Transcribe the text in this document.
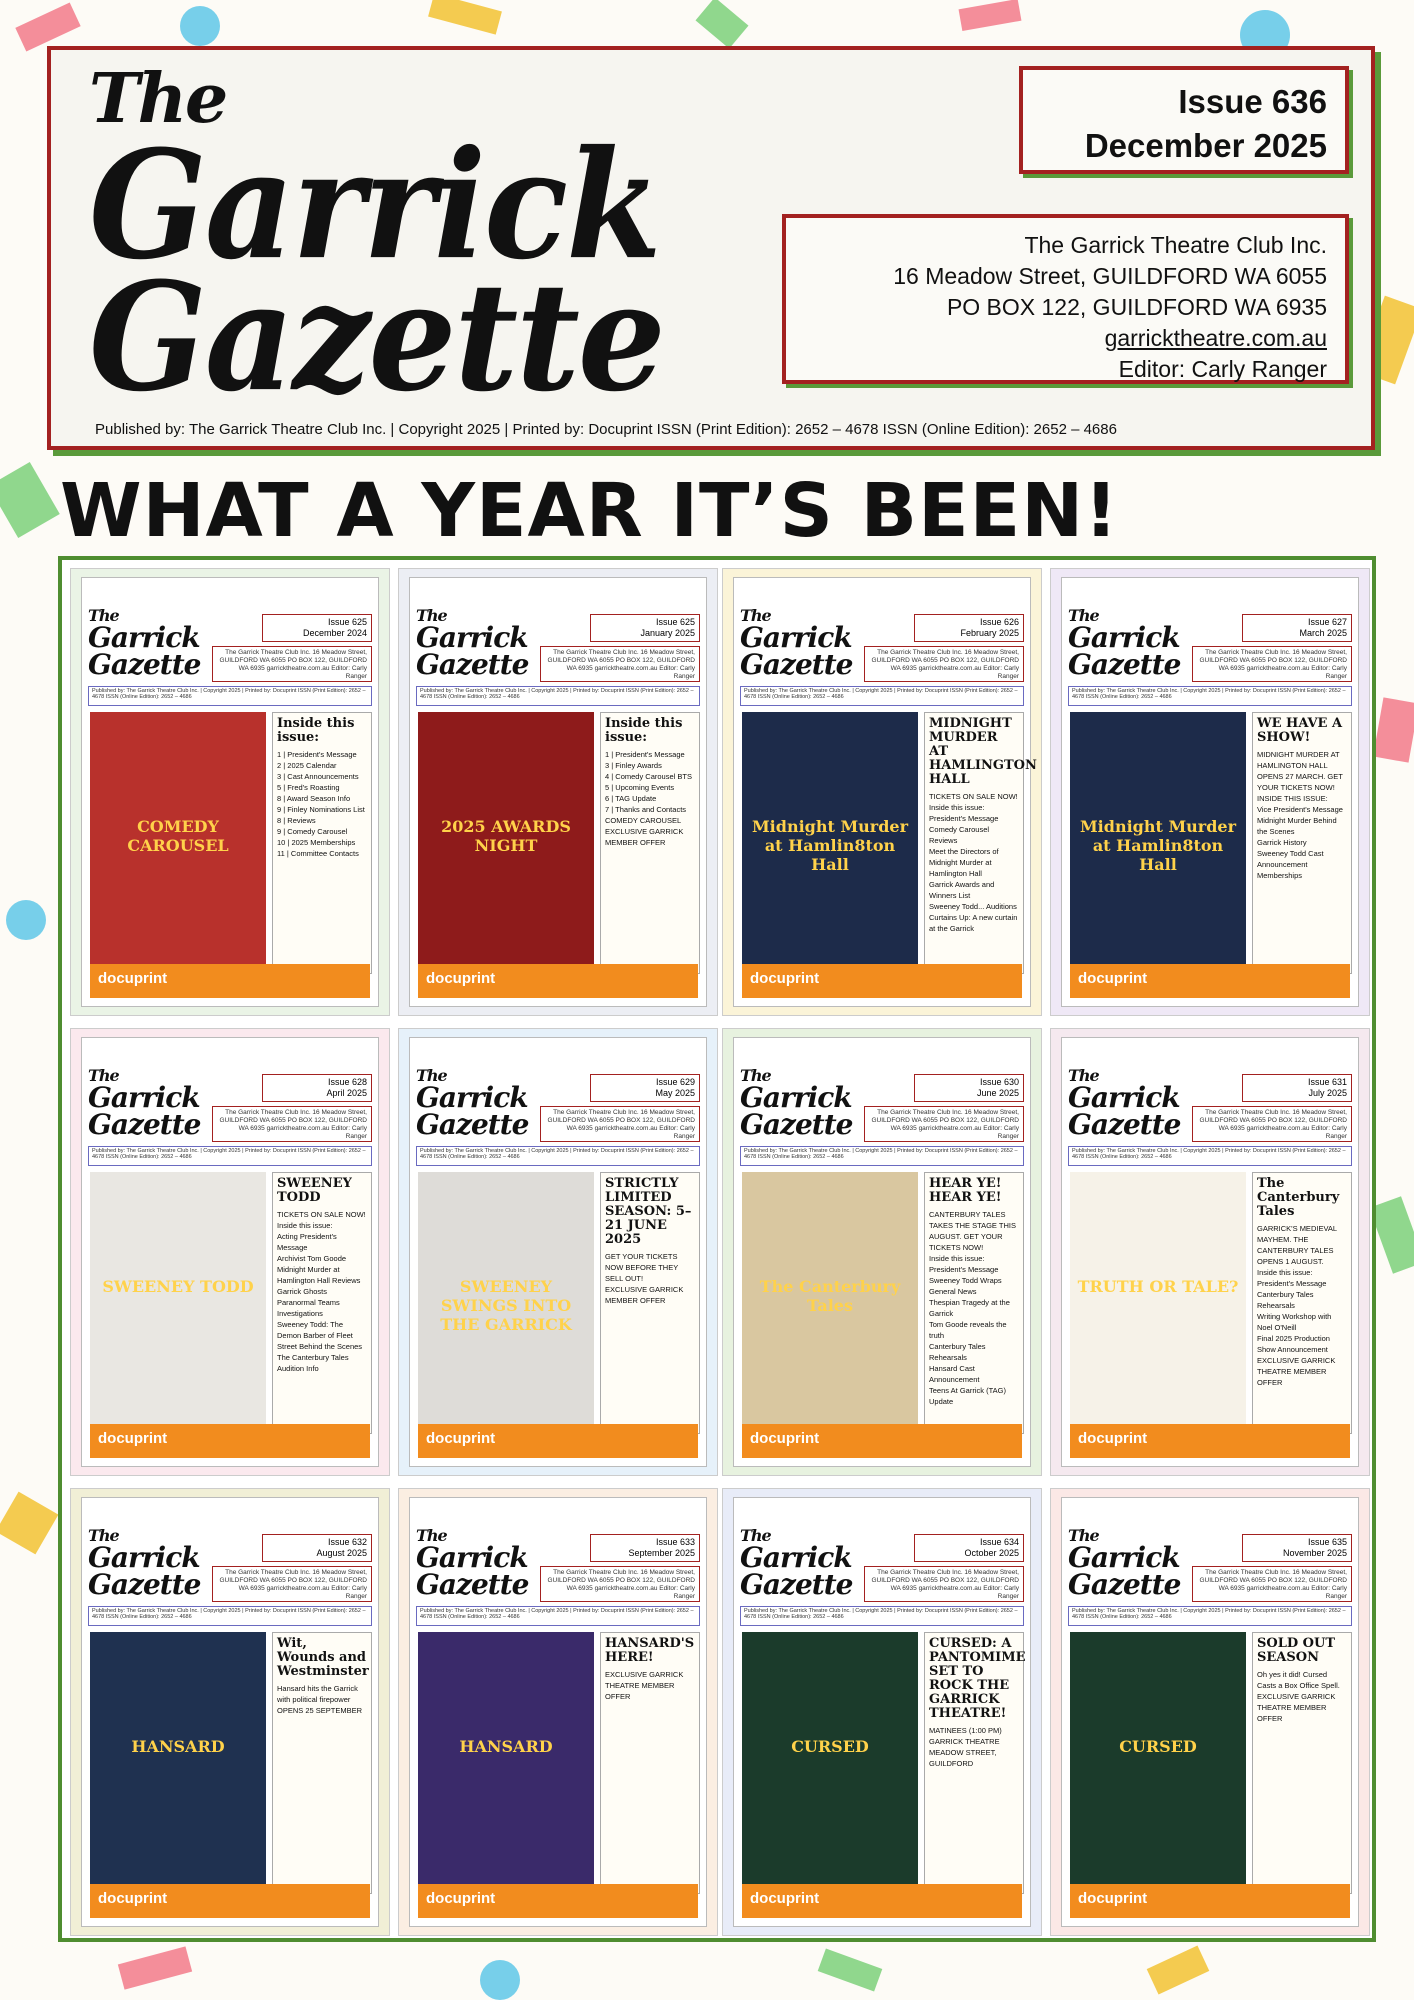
The
Garrick
Gazette
Issue 636
December 2025
The Garrick Theatre Club Inc.
16 Meadow Street, GUILDFORD WA 6055
PO BOX 122, GUILDFORD WA 6935
garricktheatre.com.au
Editor: Carly Ranger
Published by: The Garrick Theatre Club Inc. | Copyright 2025 | Printed by: Docuprint ISSN (Print Edition): 2652 – 4678 ISSN (Online Edition): 2652 – 4686
WHAT A YEAR IT’S BEEN!
The
Garrick
Gazette
Issue 625
December 2024
The Garrick Theatre Club Inc. 16 Meadow Street, GUILDFORD WA 6055 PO BOX 122, GUILDFORD WA 6935 garricktheatre.com.au Editor: Carly Ranger
Published by: The Garrick Theatre Club Inc. | Copyright 2025 | Printed by: Docuprint ISSN (Print Edition): 2652 – 4678 ISSN (Online Edition): 2652 – 4686
COMEDY CAROUSEL
Inside this issue:
1 | President's Message
2 | 2025 Calendar
3 | Cast Announcements
5 | Fred's Roasting
8 | Award Season Info
9 | Finley Nominations List
8 | Reviews
9 | Comedy Carousel
10 | 2025 Memberships
11 | Committee Contacts
docuprint
The
Garrick
Gazette
Issue 625
January 2025
The Garrick Theatre Club Inc. 16 Meadow Street, GUILDFORD WA 6055 PO BOX 122, GUILDFORD WA 6935 garricktheatre.com.au Editor: Carly Ranger
Published by: The Garrick Theatre Club Inc. | Copyright 2025 | Printed by: Docuprint ISSN (Print Edition): 2652 – 4678 ISSN (Online Edition): 2652 – 4686
2025 AWARDS NIGHT
Inside this issue:
1 | President's Message
3 | Finley Awards
4 | Comedy Carousel BTS
5 | Upcoming Events
6 | TAG Update
7 | Thanks and Contacts
COMEDY CAROUSEL
EXCLUSIVE GARRICK MEMBER OFFER
docuprint
The
Garrick
Gazette
Issue 626
February 2025
The Garrick Theatre Club Inc. 16 Meadow Street, GUILDFORD WA 6055 PO BOX 122, GUILDFORD WA 6935 garricktheatre.com.au Editor: Carly Ranger
Published by: The Garrick Theatre Club Inc. | Copyright 2025 | Printed by: Docuprint ISSN (Print Edition): 2652 – 4678 ISSN (Online Edition): 2652 – 4686
Midnight Murder at Hamlin8ton Hall
MIDNIGHT MURDER AT HAMLINGTON HALL
TICKETS ON SALE NOW!
Inside this issue:
President's Message
Comedy Carousel Reviews
Meet the Directors of Midnight Murder at Hamlington Hall
Garrick Awards and Winners List
Sweeney Todd... Auditions
Curtains Up: A new curtain at the Garrick
docuprint
The
Garrick
Gazette
Issue 627
March 2025
The Garrick Theatre Club Inc. 16 Meadow Street, GUILDFORD WA 6055 PO BOX 122, GUILDFORD WA 6935 garricktheatre.com.au Editor: Carly Ranger
Published by: The Garrick Theatre Club Inc. | Copyright 2025 | Printed by: Docuprint ISSN (Print Edition): 2652 – 4678 ISSN (Online Edition): 2652 – 4686
Midnight Murder at Hamlin8ton Hall
WE HAVE A SHOW!
MIDNIGHT MURDER AT HAMLINGTON HALL OPENS 27 MARCH. GET YOUR TICKETS NOW!
INSIDE THIS ISSUE:
Vice President's Message
Midnight Murder Behind the Scenes
Garrick History
Sweeney Todd Cast Announcement
Memberships
docuprint
The
Garrick
Gazette
Issue 628
April 2025
The Garrick Theatre Club Inc. 16 Meadow Street, GUILDFORD WA 6055 PO BOX 122, GUILDFORD WA 6935 garricktheatre.com.au Editor: Carly Ranger
Published by: The Garrick Theatre Club Inc. | Copyright 2025 | Printed by: Docuprint ISSN (Print Edition): 2652 – 4678 ISSN (Online Edition): 2652 – 4686
SWEENEY TODD
SWEENEY TODD
TICKETS ON SALE NOW!
Inside this issue:
Acting President's Message
Archivist Tom Goode
Midnight Murder at Hamlington Hall Reviews
Garrick Ghosts
Paranormal Teams Investigations
Sweeney Todd: The Demon Barber of Fleet Street Behind the Scenes
The Canterbury Tales Audition Info
docuprint
The
Garrick
Gazette
Issue 629
May 2025
The Garrick Theatre Club Inc. 16 Meadow Street, GUILDFORD WA 6055 PO BOX 122, GUILDFORD WA 6935 garricktheatre.com.au Editor: Carly Ranger
Published by: The Garrick Theatre Club Inc. | Copyright 2025 | Printed by: Docuprint ISSN (Print Edition): 2652 – 4678 ISSN (Online Edition): 2652 – 4686
SWEENEY SWINGS INTO THE GARRICK
STRICTLY LIMITED SEASON: 5–21 JUNE 2025
GET YOUR TICKETS NOW BEFORE THEY SELL OUT!
EXCLUSIVE GARRICK MEMBER OFFER
docuprint
The
Garrick
Gazette
Issue 630
June 2025
The Garrick Theatre Club Inc. 16 Meadow Street, GUILDFORD WA 6055 PO BOX 122, GUILDFORD WA 6935 garricktheatre.com.au Editor: Carly Ranger
Published by: The Garrick Theatre Club Inc. | Copyright 2025 | Printed by: Docuprint ISSN (Print Edition): 2652 – 4678 ISSN (Online Edition): 2652 – 4686
The Canterbury Tales
HEAR YE! HEAR YE!
CANTERBURY TALES TAKES THE STAGE THIS AUGUST. GET YOUR TICKETS NOW!
Inside this issue:
President's Message
Sweeney Todd Wraps
General News
Thespian Tragedy at the Garrick
Tom Goode reveals the truth
Canterbury Tales Rehearsals
Hansard Cast Announcement
Teens At Garrick (TAG) Update
docuprint
The
Garrick
Gazette
Issue 631
July 2025
The Garrick Theatre Club Inc. 16 Meadow Street, GUILDFORD WA 6055 PO BOX 122, GUILDFORD WA 6935 garricktheatre.com.au Editor: Carly Ranger
Published by: The Garrick Theatre Club Inc. | Copyright 2025 | Printed by: Docuprint ISSN (Print Edition): 2652 – 4678 ISSN (Online Edition): 2652 – 4686
TRUTH OR TALE?
The Canterbury Tales
GARRICK'S MEDIEVAL MAYHEM. THE CANTERBURY TALES OPENS 1 AUGUST.
Inside this issue:
President's Message
Canterbury Tales Rehearsals
Writing Workshop with Noel O'Neill
Final 2025 Production Show Announcement
EXCLUSIVE GARRICK THEATRE MEMBER OFFER
docuprint
The
Garrick
Gazette
Issue 632
August 2025
The Garrick Theatre Club Inc. 16 Meadow Street, GUILDFORD WA 6055 PO BOX 122, GUILDFORD WA 6935 garricktheatre.com.au Editor: Carly Ranger
Published by: The Garrick Theatre Club Inc. | Copyright 2025 | Printed by: Docuprint ISSN (Print Edition): 2652 – 4678 ISSN (Online Edition): 2652 – 4686
HANSARD
Wit, Wounds and Westminster
Hansard hits the Garrick with political firepower
OPENS 25 SEPTEMBER
docuprint
The
Garrick
Gazette
Issue 633
September 2025
The Garrick Theatre Club Inc. 16 Meadow Street, GUILDFORD WA 6055 PO BOX 122, GUILDFORD WA 6935 garricktheatre.com.au Editor: Carly Ranger
Published by: The Garrick Theatre Club Inc. | Copyright 2025 | Printed by: Docuprint ISSN (Print Edition): 2652 – 4678 ISSN (Online Edition): 2652 – 4686
HANSARD
HANSARD'S HERE!
EXCLUSIVE GARRICK THEATRE MEMBER OFFER
docuprint
The
Garrick
Gazette
Issue 634
October 2025
The Garrick Theatre Club Inc. 16 Meadow Street, GUILDFORD WA 6055 PO BOX 122, GUILDFORD WA 6935 garricktheatre.com.au Editor: Carly Ranger
Published by: The Garrick Theatre Club Inc. | Copyright 2025 | Printed by: Docuprint ISSN (Print Edition): 2652 – 4678 ISSN (Online Edition): 2652 – 4686
CURSED
CURSED: A PANTOMIME SET TO ROCK THE GARRICK THEATRE!
MATINEES (1:00 PM)
GARRICK THEATRE MEADOW STREET, GUILDFORD
docuprint
The
Garrick
Gazette
Issue 635
November 2025
The Garrick Theatre Club Inc. 16 Meadow Street, GUILDFORD WA 6055 PO BOX 122, GUILDFORD WA 6935 garricktheatre.com.au Editor: Carly Ranger
Published by: The Garrick Theatre Club Inc. | Copyright 2025 | Printed by: Docuprint ISSN (Print Edition): 2652 – 4678 ISSN (Online Edition): 2652 – 4686
CURSED
SOLD OUT SEASON
Oh yes it did! Cursed Casts a Box Office Spell.
EXCLUSIVE GARRICK THEATRE MEMBER OFFER
docuprint
